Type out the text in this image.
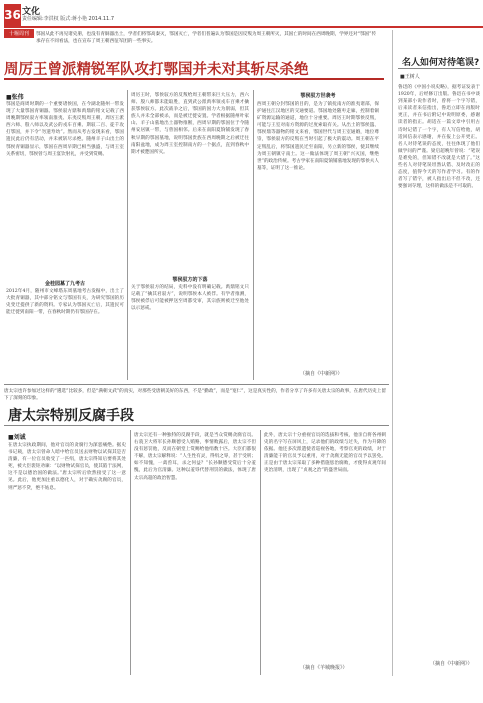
36 文化
责任编辑:李洪权 版式:蒋小艳 2014.11.7
十堰周刊	鄂国从此不再见诸史册，也没有青铜器出土，学者们将鄂高秦灭，鄂国灭亡，学者们普遍认为鄂国是因反叛为周王朝所灭，其国亡的时间在西周晚期，学界还对“鄂国”传承存在不同看法，也在宣布了周王朝西征军团的一些事实。
周厉王曾派精锐军队攻打鄂国并未对其斩尽杀绝
■张伟
鄂国是商周时期的一个重要诸侯国，在今湖北随州一带发现了大量鄂国青铜器。鄂侯驭方鼎和禹鼎的铭文记载了西周晚期鄂侯驭方率领南淮夷、东夷反叛周王朝，周厉王派西六师、殷八师以及武公的戎车百乘、斯驭二百、徒千攻打鄂国，并下令“勿遗寿幼”。然而从考古发现来看，鄂国遗民此后仍有活动，并未被斩尽杀绝。随州羊子山出土的鄂侯青铜器显示，鄂国在西周早期已相当强盛，与周王室关系密切，鄂侯曾与周王宴饮射礼，并受到赏赐。
金桂园墓了九考古
2012年4月，随州市文峰塔东周墓地考古发掘中，出土了大批青铜器，其中部分铭文与鄂国有关，为研究鄂国的历史变迁提供了新的资料。专家认为鄂国灭亡后，其遗民可能迁徙到南阳一带，在春秋时期仍有鄂国存在。
周厉王时，鄂侯驭方的反叛给周王朝带来巨大压力，西六师、殷八师都未能取胜，直到武公派禹率领戎车百乘才擒获鄂侯驭方。此次战争之后，鄂国的国力大为削弱，但其族人并未全部被杀，而是被迁徙安置。学者根据随州叶家山、羊子山墓地出土器物推断，西周早期的鄂国位于今随州安居镇一带，与曾国相邻。后来在南阳夏饷铺发现了春秋早期的鄂国墓地，说明鄂国贵族在西周晚期之后被迁往南阳盆地，成为周王室控制南方的一个据点，直到春秋中期才被楚国所灭。
鄂侯驭方的下落
关于鄂侯驭方的结局，史料中没有明确记载。禹鼎铭文只记载了“擒其君驭方”，说明鄂侯本人被俘。有学者推测，鄂侯被俘后可能被押送至周都受审，其宗族则被迁至他处以示惩戒。
鄂侯驭方世袭考
西周王朝分封鄂国的目的，是为了镇抚南方的淮夷诸部，保护通往江汉地区的交通要道。鄂国地处随枣走廊，控制着铜矿资源运输的通道，地位十分重要。周厉王时期鄂侯反叛，可能与王室对南方资源的过度索取有关。从出土的鄂侯簋、鄂侯鼎等器物的铭文来看，鄂国世代与周王室通婚，地位尊崇，鄂侯驭方的反叛在当时引起了极大的震动。周王朝在平定叛乱后，将鄂国遗民迁至南阳，另立新的鄂侯，使其继续为周王朝镇守南土。这一做法体现了周王朝“兴灭国，继绝世”的政治传统。考古学家在南阳夏饷铺墓地发现的鄂侯夫人墓等，证明了这一推论。
（摘自《中新网》）
名人如何对待笔误?
■王树人
鲁迅的《中国小说史略》，据考证发表于1920年，后经修订出版。鲁迅在书中谈到某部小说作者时，曾将一个字写错，后来读者来信指出，鲁迅立即在再版时更正，并在书后附记中说明原委，感谢读者的指正。胡适在一篇文章中引用古诗时记错了一个字，有人写信给他，胡适回信表示感谢，并在报上公开更正。名人对待笔误的态度，往往体现了他们做学问的严谨。梁启超晚年曾说：“笔误是难免的，但知错不改就是大错了。”这些名人对待笔误坦然认错、及时改正的态度，值得今天的写作者学习。有的作者写了错字，被人指出后不但不改，还要强词夺理，这样的做法是不可取的。
（摘自《中新网》）
唐太宗也许参加过这样的“遴选”比较多，但是“满朝文武”的真实，对那些受唐朝美好的东西，不是“勤政”，而是“宽仁”，这是真实性的，作者分享了许多有关唐太宗的故事，在唐代历史上留下了深刻的印象。
唐太宗特别反腐手段
■刘诚
在唐太宗执政期间，他对官员的贪腐行为深恶痛绝。据史书记载，唐太宗曾命人暗中给官员送去财物以试探其是否清廉，有一位官员收受了一匹绢，唐太宗得知后要将其处死，被大臣裴矩劝谏：“以财物试探官员，使其陷于法网，这不是以德治国的做法。”唐太宗听后欣然接受了这一意见。此后，他更加注重以德化人，对于确实贪腐的官员，则严惩不贷，绝不姑息。
唐太宗还有一种独特的反腐手段，就是当众赏赐贪腐官员。右骁卫大将军长孙顺德受人贿赂，事情败露后，唐太宗不但没有惩罚他，反而在朝堂上赏赐给他绢数十匹。大臣们都很不解，唐太宗解释说：“人生性有灵，得绢之辱，甚于受刑；如不知愧，一禽兽耳，杀之何益？”长孙顺德受赏后十分羞愧，此后为官清廉。这种以羞辱代替刑罚的做法，体现了唐太宗高超的政治智慧。
此外，唐太宗十分重视官员的选拔和考核，他亲自将各州刺史的名字写在屏风上，记录他们的政绩与过失，作为升降的依据。他还多次派遣使者巡视各地，考察官吏的政绩，对于清廉能干的官员予以重用，对于贪腐无能的官员予以罢免。正是由于唐太宗采取了多种措施惩治腐败，才使得贞观年间吏治清明，出现了“贞观之治”的盛世局面。
（摘自《羊城晚报》）
